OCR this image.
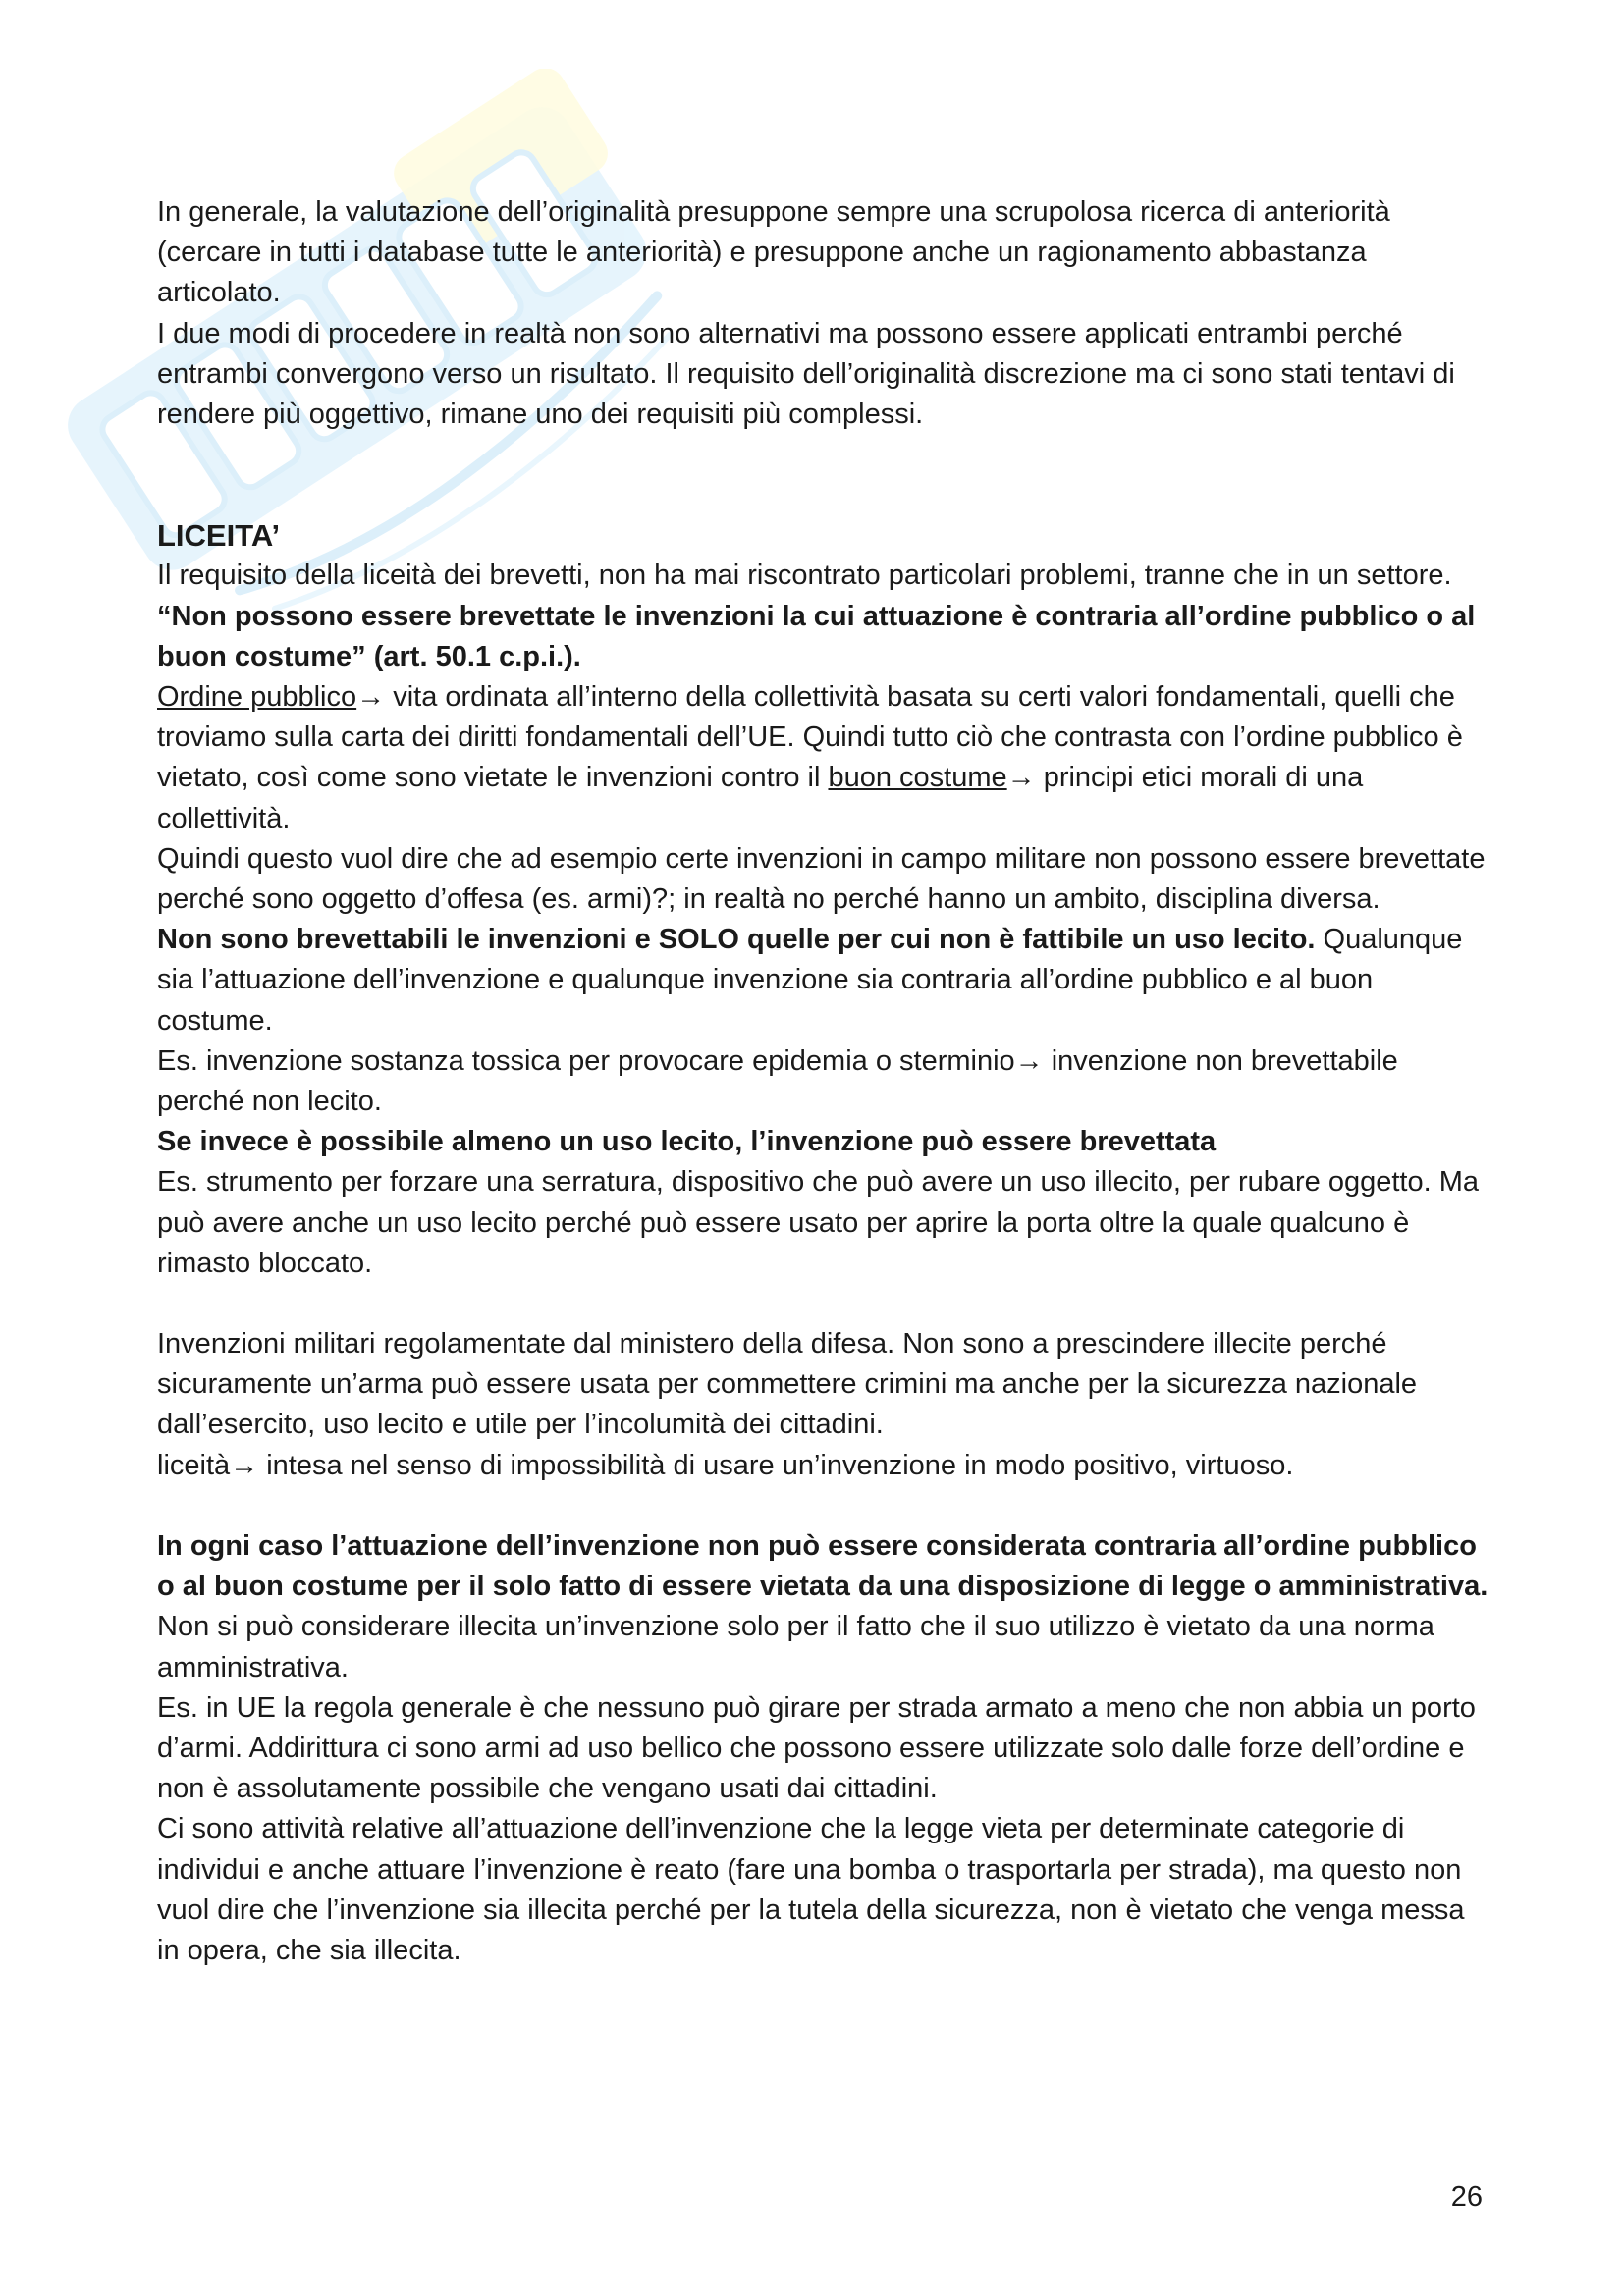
In generale, la valutazione dell’originalità presuppone sempre una scrupolosa ricerca di anteriorità (cercare in tutti i database tutte le anteriorità) e presuppone anche un ragionamento abbastanza articolato.

I due modi di procedere in realtà non sono alternativi ma possono essere applicati entrambi perché entrambi convergono verso un risultato. Il requisito dell’originalità discrezione ma ci sono stati tentavi di rendere più oggettivo, rimane uno dei requisiti più complessi.

LICEITA’

Il requisito della liceità dei brevetti, non ha mai riscontrato particolari problemi, tranne che in un settore.

“Non possono essere brevettate le invenzioni la cui attuazione è contraria all’ordine pubblico o al buon costume” (art. 50.1 c.p.i.).

Ordine pubblico→ vita ordinata all’interno della collettività basata su certi valori fondamentali, quelli che troviamo sulla carta dei diritti fondamentali dell’UE. Quindi tutto ciò che contrasta con l’ordine pubblico è vietato, così come sono vietate le invenzioni contro il buon costume→ principi etici morali di una collettività.

Quindi questo vuol dire che ad esempio certe invenzioni in campo militare non possono essere brevettate perché sono oggetto d’offesa (es. armi)?; in realtà no perché hanno un ambito, disciplina diversa.

Non sono brevettabili le invenzioni e SOLO quelle per cui non è fattibile un uso lecito. Qualunque sia l’attuazione dell’invenzione e qualunque invenzione sia contraria all’ordine pubblico e al buon costume.

Es. invenzione sostanza tossica per provocare epidemia o sterminio→ invenzione non brevettabile perché non lecito.

Se invece è possibile almeno un uso lecito, l’invenzione può essere brevettata

Es. strumento per forzare una serratura, dispositivo che può avere un uso illecito, per rubare oggetto. Ma può avere anche un uso lecito perché può essere usato per aprire la porta oltre la quale qualcuno è rimasto bloccato.

Invenzioni militari regolamentate dal ministero della difesa. Non sono a prescindere illecite perché sicuramente un’arma può essere usata per commettere crimini ma anche per la sicurezza nazionale dall’esercito, uso lecito e utile per l’incolumità dei cittadini.

liceità→ intesa nel senso di impossibilità di usare un’invenzione in modo positivo, virtuoso.

In ogni caso l’attuazione dell’invenzione non può essere considerata contraria all’ordine pubblico o al buon costume per il solo fatto di essere vietata da una disposizione di legge o amministrativa.

Non si può considerare illecita un’invenzione solo per il fatto che il suo utilizzo è vietato da una norma amministrativa.

Es. in UE la regola generale è che nessuno può girare per strada armato a meno che non abbia un porto d’armi. Addirittura ci sono armi ad uso bellico che possono essere utilizzate solo dalle forze dell’ordine e non è assolutamente possibile che vengano usati dai cittadini.

Ci sono attività relative all’attuazione dell’invenzione che la legge vieta per determinate categorie di individui e anche attuare l’invenzione è reato (fare una bomba o trasportarla per strada), ma questo non vuol dire che l’invenzione sia illecita perché per la tutela della sicurezza, non è vietato che venga messa in opera, che sia illecita.

26
